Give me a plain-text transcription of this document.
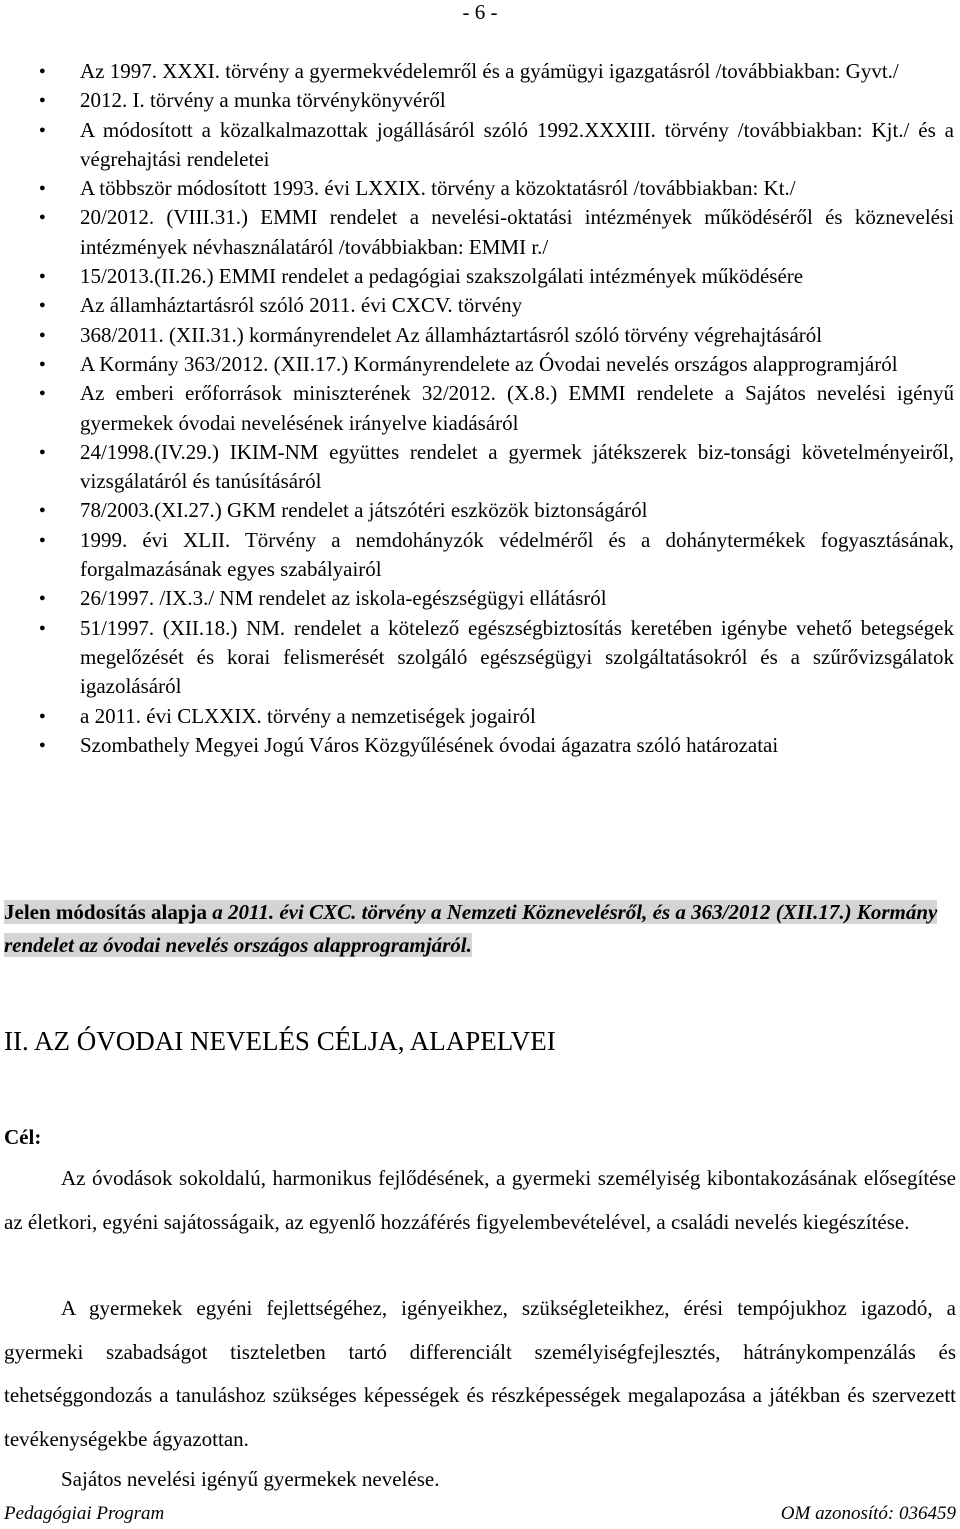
- 6 -
● Az 1997. XXXI. törvény a gyermekvédelemről és a gyámügyi igazgatásról /továbbiakban: Gyvt./
● 2012. I. törvény a munka törvénykönyvéről
● A módosított a közalkalmazottak jogállásáról szóló 1992.XXXIII. törvény /továbbiakban: Kjt./ és a végrehajtási rendeletei
● A többször módosított 1993. évi LXXIX. törvény a közoktatásról /továbbiakban: Kt./
● 20/2012. (VIII.31.) EMMI rendelet a nevelési-oktatási intézmények működéséről és köznevelési intézmények névhasználatáról /továbbiakban: EMMI r./
● 15/2013.(II.26.) EMMI rendelet a pedagógiai szakszolgálati intézmények működésére
● Az államháztartásról szóló 2011. évi CXCV. törvény
● 368/2011. (XII.31.) kormányrendelet Az államháztartásról szóló törvény végrehajtásáról
● A Kormány 363/2012. (XII.17.) Kormányrendelete az Óvodai nevelés országos alapprogramjáról
● Az emberi erőforrások miniszterének 32/2012. (X.8.) EMMI rendelete a Sajátos nevelési igényű gyermekek óvodai nevelésének irányelve kiadásáról
● 24/1998.(IV.29.) IKIM-NM együttes rendelet a gyermek játékszerek biz-tonsági követelményeiről, vizsgálatáról és tanúsításáról
● 78/2003.(XI.27.) GKM rendelet a játszótéri eszközök biztonságáról
● 1999. évi XLII. Törvény a nemdohányzók védelméről és a dohánytermékek fogyasztásának, forgalmazásának egyes szabályairól
● 26/1997. /IX.3./ NM rendelet az iskola-egészségügyi ellátásról
● 51/1997. (XII.18.) NM. rendelet a kötelező egészségbiztosítás keretében igénybe vehető betegségek megelőzését és korai felismerését szolgáló egészségügyi szolgáltatásokról és a szűrővizsgálatok igazolásáról
● a 2011. évi CLXXIX. törvény a nemzetiségek jogairól
● Szombathely Megyei Jogú Város Közgyűlésének óvodai ágazatra szóló határozatai
Jelen módosítás alapja a 2011. évi CXC. törvény a Nemzeti Köznevelésről, és a 363/2012 (XII.17.) Kormány rendelet az óvodai nevelés országos alapprogramjáról.
II. AZ ÓVODAI NEVELÉS CÉLJA, ALAPELVEI
Cél:

Az óvodások sokoldalú, harmonikus fejlődésének, a gyermeki személyiség kibontakozásának elősegítése az életkori, egyéni sajátosságaik, az egyenlő hozzáférés figyelembevételével, a családi nevelés kiegészítése.

A gyermekek egyéni fejlettségéhez, igényeikhez, szükségleteikhez, érési tempójukhoz igazodó, a gyermeki szabadságot tiszteletben tartó differenciált személyiségfejlesztés, hátránykompenzálás és tehetséggondozás a tanuláshoz szükséges képességek és részképességek megalapozása a játékban és szervezett tevékenységekbe ágyazottan.

Sajátos nevelési igényű gyermekek nevelése.

Pedagógiai Program	OM azonosító: 036459
